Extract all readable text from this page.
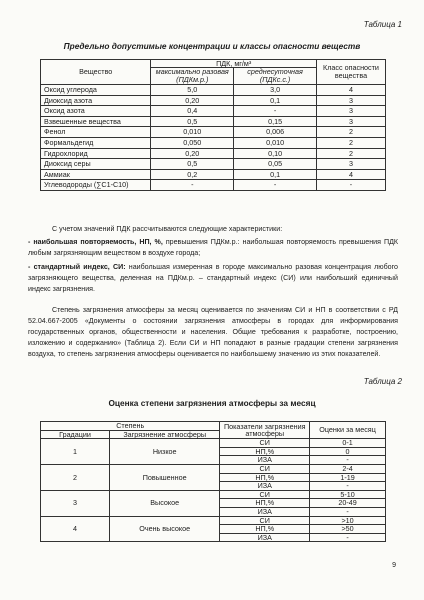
Таблица 1
Предельно допустимые концентрации и классы опасности веществ
Вещество	ПДК, мг/м³		Класс опасности вещества
	максимально разовая (ПДКм.р.)	среднесуточная (ПДКс.с.)	
Оксид углерода	5,0	3,0	4
Диоксид азота	0,20	0,1	3
Оксид азота	0,4	-	3
Взвешенные вещества	0,5	0,15	3
Фенол	0,010	0,006	2
Формальдегид	0,050	0,010	2
Гидрохлорид	0,20	0,10	2
Диоксид серы	0,5	0,05	3
Аммиак	0,2	0,1	4
Углеводороды (∑C1-C10)	-	-	-
С учетом значений ПДК рассчитываются следующие характеристики:
- наибольшая повторяемость, НП, %, превышения ПДКм.р.: наибольшая повторяемость превышения ПДК любым загрязняющим веществом в воздухе города;
- стандартный индекс, СИ: наибольшая измеренная в городе максимально разовая концентрация любого загрязняющего вещества, деленная на ПДКм.р. – стандартный индекс (СИ) или наибольший единичный индекс загрязнения.
Степень загрязнения атмосферы за месяц оценивается по значениям СИ и НП в соответствии с РД 52.04.667-2005 «Документы о состоянии загрязнения атмосферы в городах для информирования государственных органов, общественности и населения. Общие требования к разработке, построению, изложению и содержанию» (Таблица 2). Если СИ и НП попадают в разные градации степени загрязнения воздуха, то степень загрязнения атмосферы оценивается по наибольшему значению из этих показателей.
Таблица 2
Оценка степени загрязнения атмосферы за месяц
Степень		Показатели загрязнения атмосферы	Оценки за месяц
Градации	Загрязнение атмосферы		
1	Низкое	СИ	0-1
		НП,%	0
		ИЗА	-
2	Повышенное	СИ	2-4
		НП,%	1-19
		ИЗА	-
3	Высокое	СИ	5-10
		НП,%	20-49
		ИЗА	-
4	Очень высокое	СИ	>10
		НП,%	>50
		ИЗА	-
9
